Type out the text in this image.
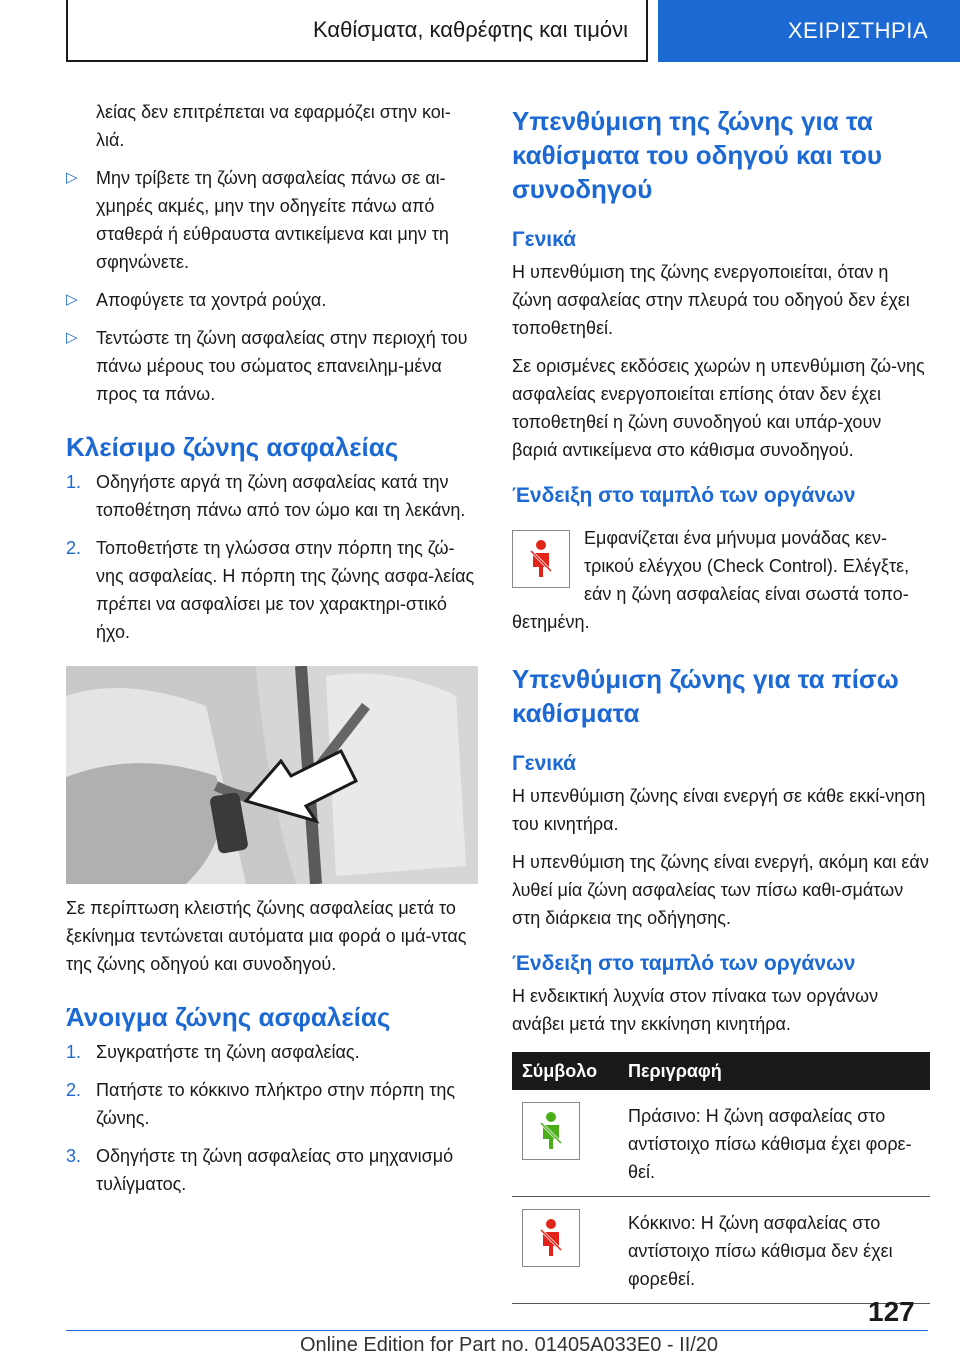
Καθίσματα, καθρέφτης και τιμόνι	ΧΕΙΡΙΣΤΗΡΙΑ

λείας δεν επιτρέπεται να εφαρμόζει στην κοι-λιά.

▷ Μην τρίβετε τη ζώνη ασφαλείας πάνω σε αι-χμηρές ακμές, μην την οδηγείτε πάνω από σταθερά ή εύθραυστα αντικείμενα και μην τη σφηνώνετε.
▷ Αποφύγετε τα χοντρά ρούχα.
▷ Τεντώστε τη ζώνη ασφαλείας στην περιοχή του πάνω μέρους του σώματος επανειλημ-μένα προς τα πάνω.

Κλείσιμο ζώνης ασφαλείας

1. Οδηγήστε αργά τη ζώνη ασφαλείας κατά την τοποθέτηση πάνω από τον ώμο και τη λεκάνη.
2. Τοποθετήστε τη γλώσσα στην πόρπη της ζώ-νης ασφαλείας. Η πόρπη της ζώνης ασφα-λείας πρέπει να ασφαλίσει με τον χαρακτηρι-στικό ήχο.

Σε περίπτωση κλειστής ζώνης ασφαλείας μετά το ξεκίνημα τεντώνεται αυτόματα μια φορά ο ιμά-ντας της ζώνης οδηγού και συνοδηγού.

Άνοιγμα ζώνης ασφαλείας

1. Συγκρατήστε τη ζώνη ασφαλείας.
2. Πατήστε το κόκκινο πλήκτρο στην πόρπη της ζώνης.
3. Οδηγήστε τη ζώνη ασφαλείας στο μηχανισμό τυλίγματος.

Υπενθύμιση της ζώνης για τα καθίσματα του οδηγού και του συνοδηγού

Γενικά

Η υπενθύμιση της ζώνης ενεργοποιείται, όταν η ζώνη ασφαλείας στην πλευρά του οδηγού δεν έχει τοποθετηθεί.

Σε ορισμένες εκδόσεις χωρών η υπενθύμιση ζώ-νης ασφαλείας ενεργοποιείται επίσης όταν δεν έχει τοποθετηθεί η ζώνη συνοδηγού και υπάρ-χουν βαριά αντικείμενα στο κάθισμα συνοδηγού.

Ένδειξη στο ταμπλό των οργάνων

Εμφανίζεται ένα μήνυμα μονάδας κεν-τρικού ελέγχου (Check Control). Ελέγξτε, εάν η ζώνη ασφαλείας είναι σωστά τοπο-θετημένη.

Υπενθύμιση ζώνης για τα πίσω καθίσματα

Γενικά

Η υπενθύμιση ζώνης είναι ενεργή σε κάθε εκκί-νηση του κινητήρα.

Η υπενθύμιση της ζώνης είναι ενεργή, ακόμη και εάν λυθεί μία ζώνη ασφαλείας των πίσω καθι-σμάτων στη διάρκεια της οδήγησης.

Ένδειξη στο ταμπλό των οργάνων

Η ενδεικτική λυχνία στον πίνακα των οργάνων ανάβει μετά την εκκίνηση κινητήρα.

Σύμβολο	Περιγραφή

	Πράσινο: Η ζώνη ασφαλείας στο αντίστοιχο πίσω κάθισμα έχει φορε-θεί.

	Κόκκινο: Η ζώνη ασφαλείας στο αντίστοιχο πίσω κάθισμα δεν έχει φορεθεί.
127
Online Edition for Part no. 01405A033E0 - II/20
